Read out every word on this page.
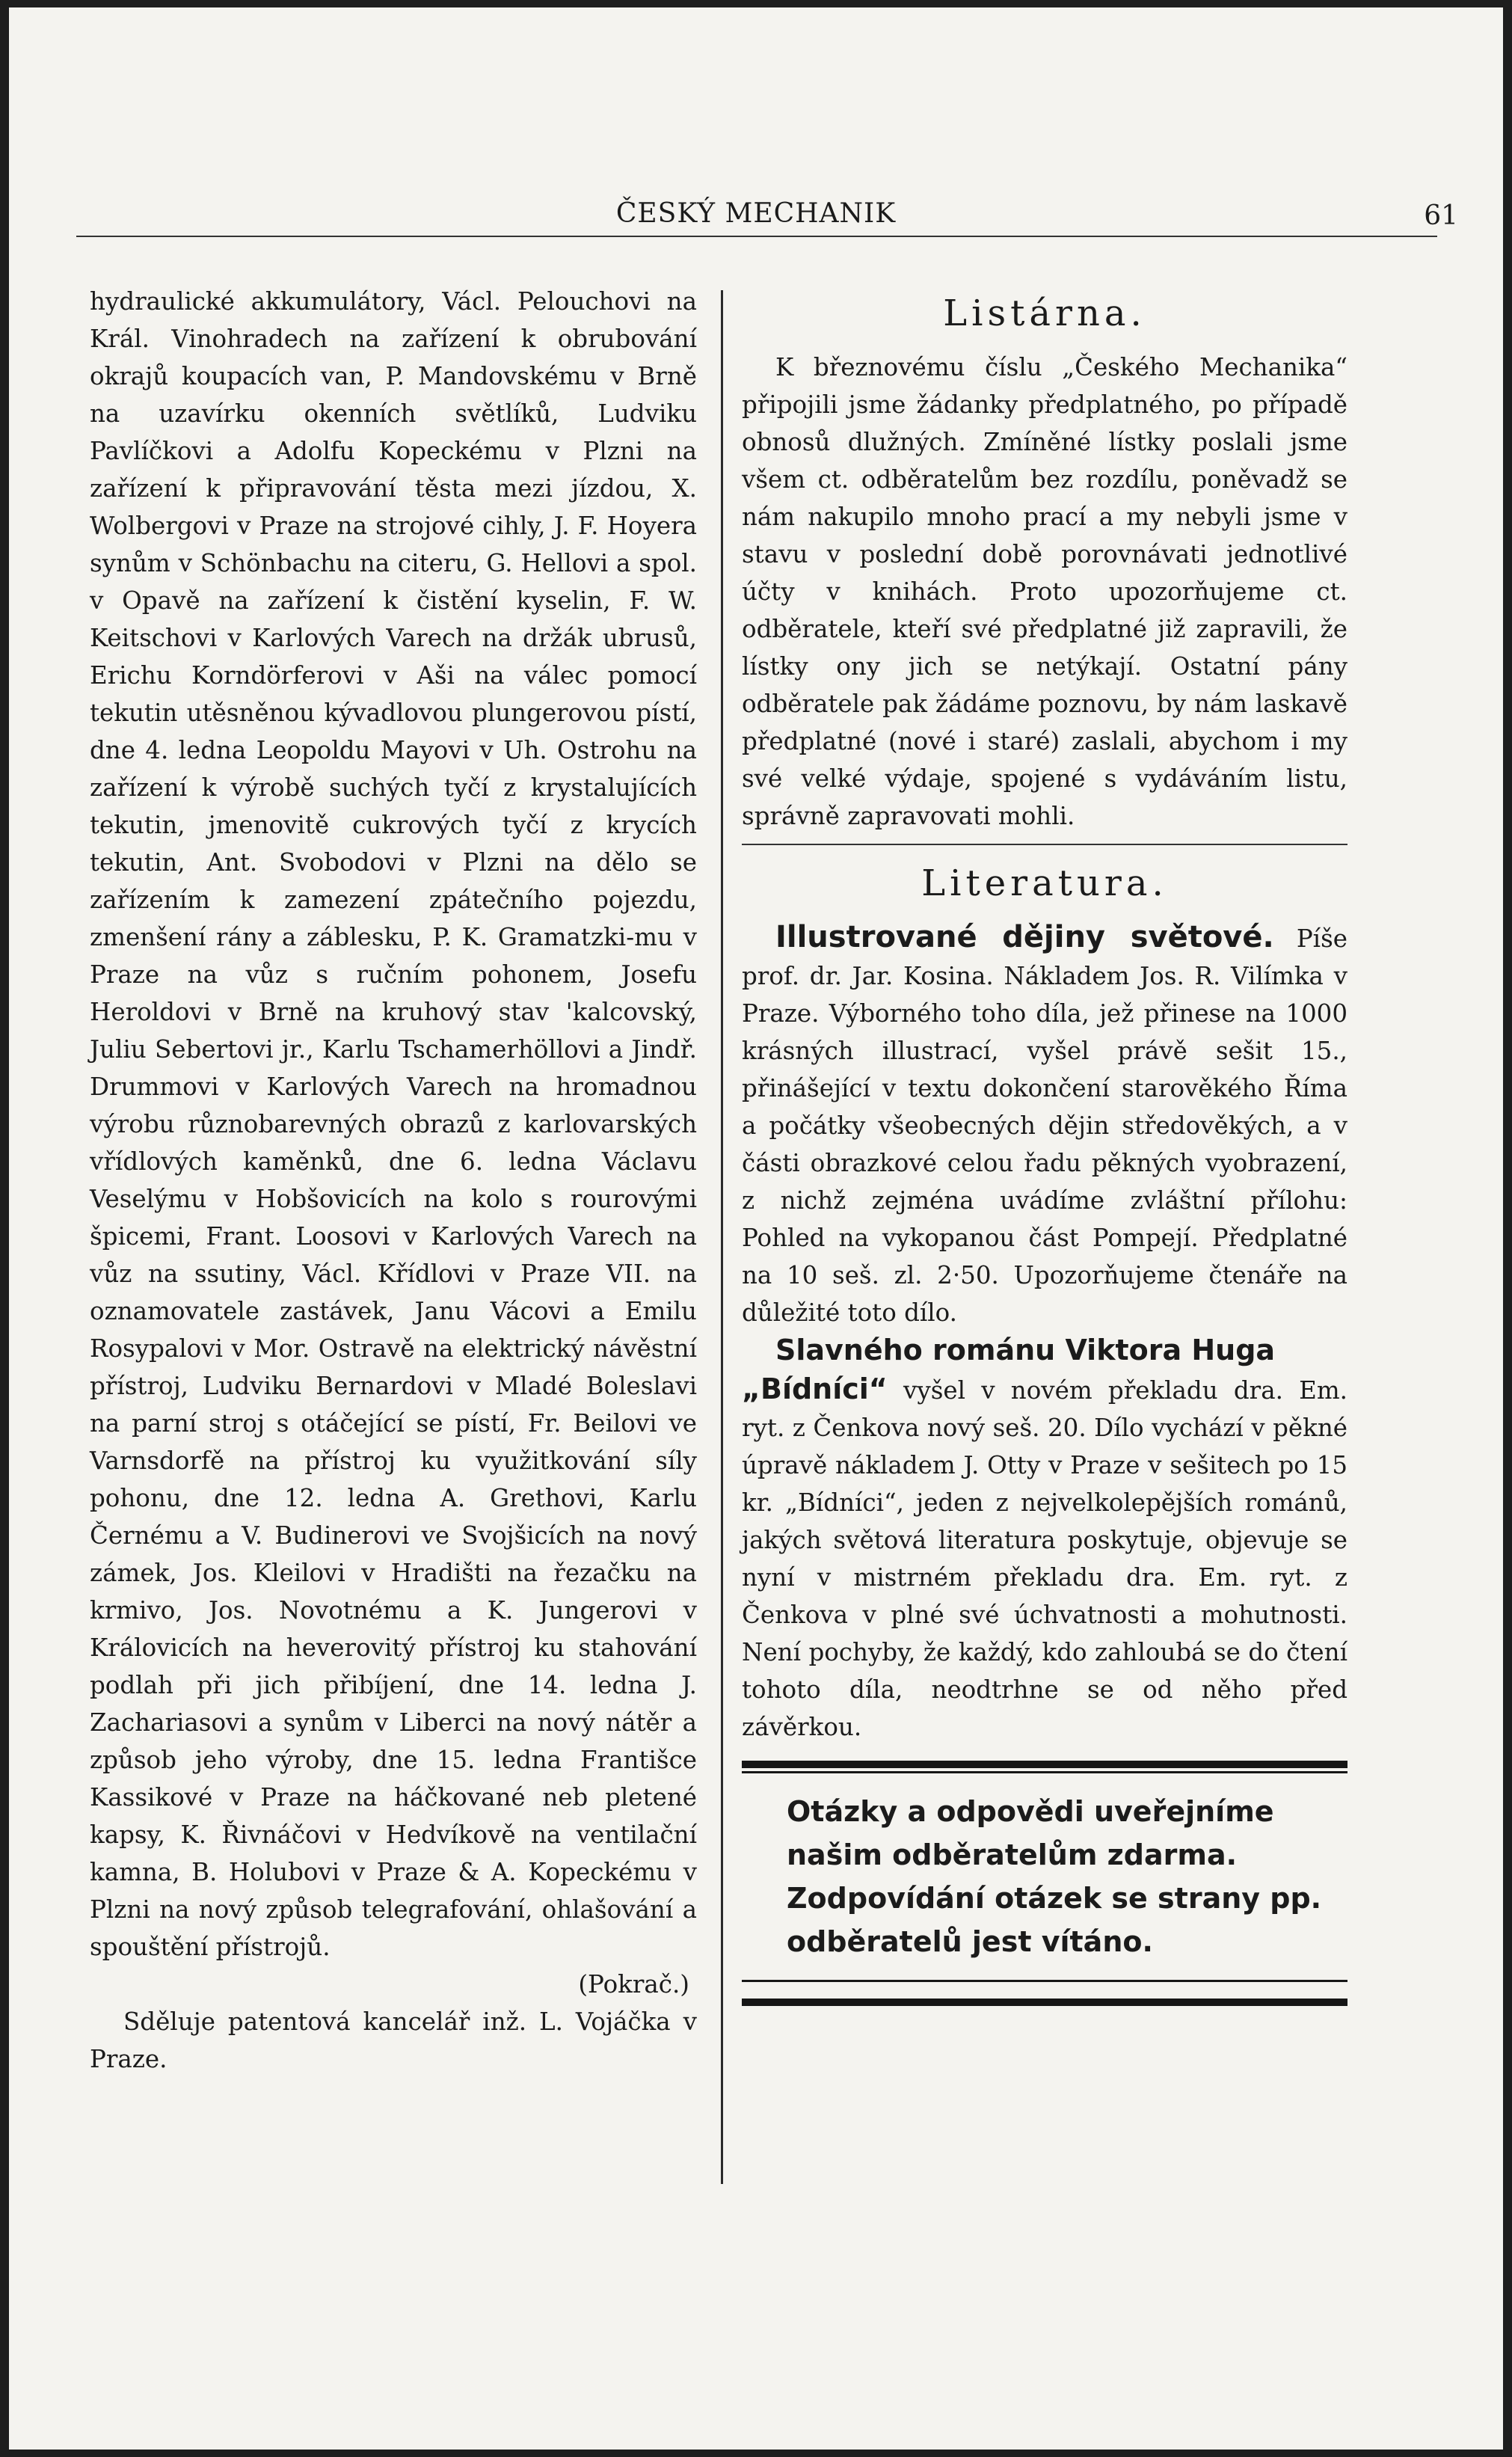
ČESKÝ MECHANIK	61

hydraulické akkumulátory, Václ. Pelouchovi na Král. Vinohradech na zařízení k obrubování okrajů koupacích van, P. Mandovskému v Brně na uzavírku okenních světlíků, Ludviku Pavlíčkovi a Adolfu Kopeckému v Plzni na zařízení k připravování těsta mezi jízdou, X. Wolbergovi v Praze na strojové cihly, J. F. Hoyera synům v Schönbachu na citeru, G. Hellovi a spol. v Opavě na zařízení k čistění kyselin, F. W. Keitschovi v Karlových Varech na držák ubrusů, Erichu Korndörferovi v Aši na válec pomocí tekutin utěsněnou kývadlovou plungerovou pístí, dne 4. ledna Leopoldu Mayovi v Uh. Ostrohu na zařízení k výrobě suchých tyčí z krystalujících tekutin, jmenovitě cukrových tyčí z krycích tekutin, Ant. Svobodovi v Plzni na dělo se zařízením k zamezení zpátečního pojezdu, zmenšení rány a záblesku, P. K. Gramatzki-mu v Praze na vůz s ručním pohonem, Josefu Heroldovi v Brně na kruhový stav 'kalcovský, Juliu Sebertovi jr., Karlu Tschamerhöllovi a Jindř. Drummovi v Karlových Varech na hromadnou výrobu různobarevných obrazů z karlovarských vřídlových kaměnků, dne 6. ledna Václavu Veselýmu v Hobšovicích na kolo s rourovými špicemi, Frant. Loosovi v Karlových Varech na vůz na ssutiny, Václ. Křídlovi v Praze VII. na oznamovatele zastávek, Janu Vácovi a Emilu Rosypalovi v Mor. Ostravě na elektrický návěstní přístroj, Ludviku Bernardovi v Mladé Boleslavi na parní stroj s otáčející se pístí, Fr. Beilovi ve Varnsdorfě na přístroj ku využitkování síly pohonu, dne 12. ledna A. Grethovi, Karlu Černému a V. Budinerovi ve Svojšicích na nový zámek, Jos. Kleilovi v Hradišti na řezačku na krmivo, Jos. Novotnému a K. Jungerovi v Královicích na heverovitý přístroj ku stahování podlah při jich přibíjení, dne 14. ledna J. Zachariasovi a synům v Liberci na nový nátěr a způsob jeho výroby, dne 15. ledna Františce Kassikové v Praze na háčkované neb pletené kapsy, K. Řivnáčovi v Hedvíkově na ventilační kamna, B. Holubovi v Praze & A. Kopeckému v Plzni na nový způsob telegrafování, ohlašování a spouštění přístrojů.

(Pokrač.)

Sděluje patentová kancelář inž. L. Vojáčka v Praze.

Listárna.

K březnovému číslu „Českého Mechanika“ připojili jsme žádanky předplatného, po případě obnosů dlužných. Zmíněné lístky poslali jsme všem ct. odběratelům bez rozdílu, poněvadž se nám nakupilo mnoho prací a my nebyli jsme v stavu v poslední době porovnávati jednotlivé účty v knihách. Proto upozorňujeme ct. odběratele, kteří své předplatné již zapravili, že lístky ony jich se netýkají. Ostatní pány odběratele pak žádáme poznovu, by nám laskavě předplatné (nové i staré) zaslali, abychom i my své velké výdaje, spojené s vydáváním listu, správně zapravovati mohli.

Literatura.

Illustrované dějiny světové. Píše prof. dr. Jar. Kosina. Nákladem Jos. R. Vilímka v Praze. Výborného toho díla, jež přinese na 1000 krásných illustrací, vyšel právě sešit 15., přinášející v textu dokončení starověkého Říma a počátky všeobecných dějin středověkých, a v části obrazkové celou řadu pěkných vyobrazení, z nichž zejména uvádíme zvláštní přílohu: Pohled na vykopanou část Pompejí. Předplatné na 10 seš. zl. 2·50. Upozorňujeme čtenáře na důležité toto dílo.

Slavného románu Viktora Huga
„Bídníci“ vyšel v novém překladu dra. Em. ryt. z Čenkova nový seš. 20. Dílo vychází v pěkné úpravě nákladem J. Otty v Praze v sešitech po 15 kr. „Bídníci“, jeden z nejvelkolepějších románů, jakých světová literatura poskytuje, objevuje se nyní v mistrném překladu dra. Em. ryt. z Čenkova v plné své úchvatnosti a mohutnosti. Není pochyby, že každý, kdo zahloubá se do čtení tohoto díla, neodtrhne se od něho před závěrkou.

Otázky a odpovědi uveřejníme našim odběratelům zdarma. Zodpovídání otázek se strany pp. odběratelů jest vítáno.
